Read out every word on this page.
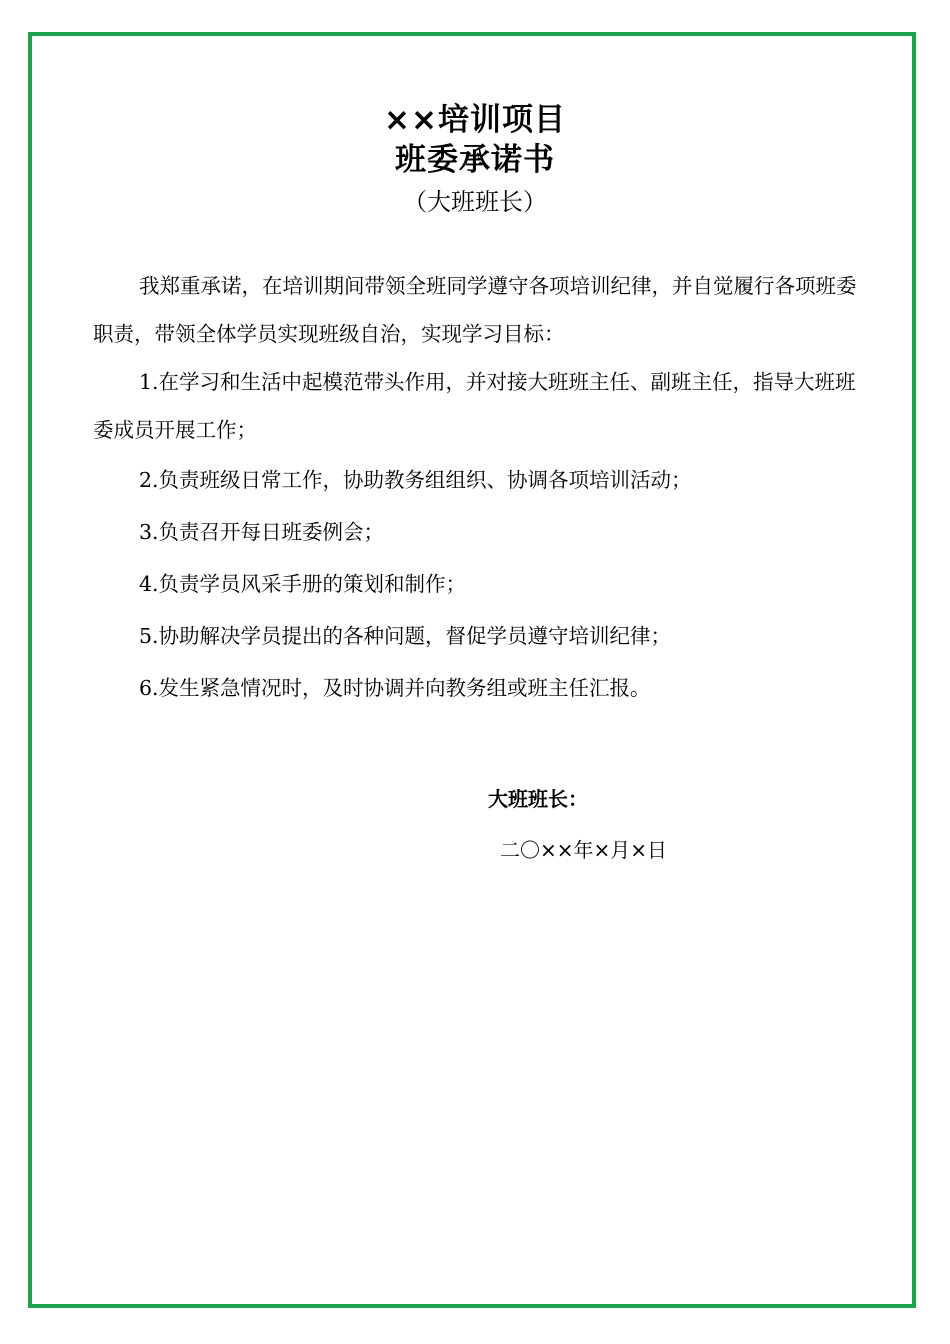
××培训项目
班委承诺书
（大班班长）

我郑重承诺，在培训期间带领全班同学遵守各项培训纪律，并自觉履行各项班委职责，带领全体学员实现班级自治，实现学习目标：

1.在学习和生活中起模范带头作用，并对接大班班主任、副班主任，指导大班班委成员开展工作；

2.负责班级日常工作，协助教务组组织、协调各项培训活动；

3.负责召开每日班委例会；

4.负责学员风采手册的策划和制作；

5.协助解决学员提出的各种问题，督促学员遵守培训纪律；

6.发生紧急情况时，及时协调并向教务组或班主任汇报。

大班班长：
二〇××年×月×日
